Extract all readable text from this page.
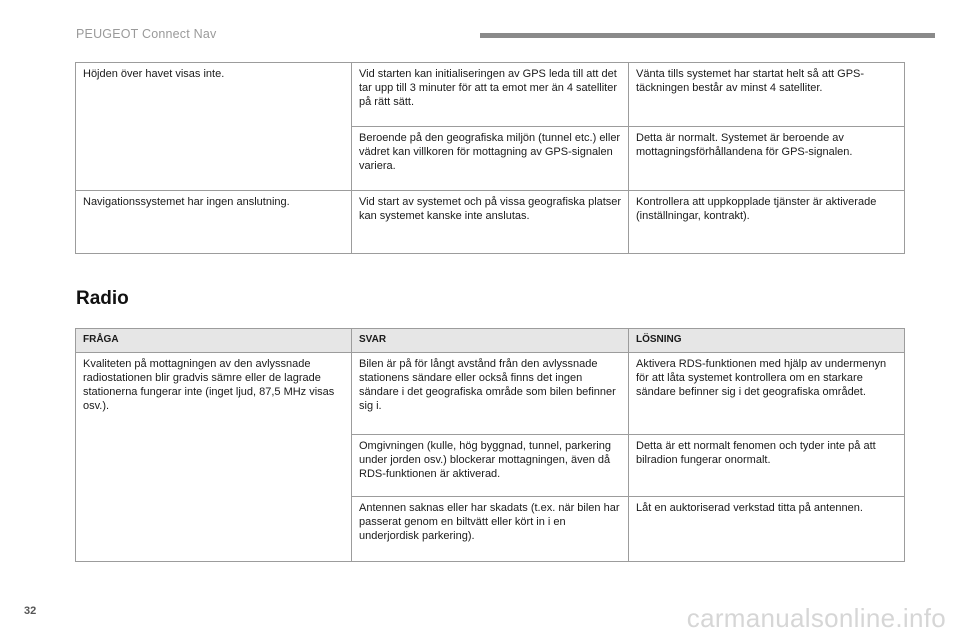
PEUGEOT Connect Nav
Höjden över havet visas inte.	Vid starten kan initialiseringen av GPS leda till att det tar upp till 3 minuter för att ta emot mer än 4 satelliter på rätt sätt.	Vänta tills systemet har startat helt så att GPS-täckningen består av minst 4 satelliter.

	Beroende på den geografiska miljön (tunnel etc.) eller vädret kan villkoren för mottagning av GPS-signalen variera.	Detta är normalt. Systemet är beroende av mottagningsförhållandena för GPS-signalen.

Navigationssystemet har ingen anslutning.	Vid start av systemet och på vissa geografiska platser kan systemet kanske inte anslutas.	Kontrollera att uppkopplade tjänster är aktiverade (inställningar, kontrakt).
Radio
FRÅGA	SVAR	LÖSNING

Kvaliteten på mottagningen av den avlyssnade radiostationen blir gradvis sämre eller de lagrade stationerna fungerar inte (inget ljud, 87,5 MHz visas osv.).	Bilen är på för långt avstånd från den avlyssnade stationens sändare eller också finns det ingen sändare i det geografiska område som bilen befinner sig i.	Aktivera RDS-funktionen med hjälp av undermenyn för att låta systemet kontrollera om en starkare sändare befinner sig i det geografiska området.

	Omgivningen (kulle, hög byggnad, tunnel, parkering under jorden osv.) blockerar mottagningen, även då RDS-funktionen är aktiverad.	Detta är ett normalt fenomen och tyder inte på att bilradion fungerar onormalt.

	Antennen saknas eller har skadats (t.ex. när bilen har passerat genom en biltvätt eller kört in i en underjordisk parkering).	Låt en auktoriserad verkstad titta på antennen.
32	carmanualsonline.info
